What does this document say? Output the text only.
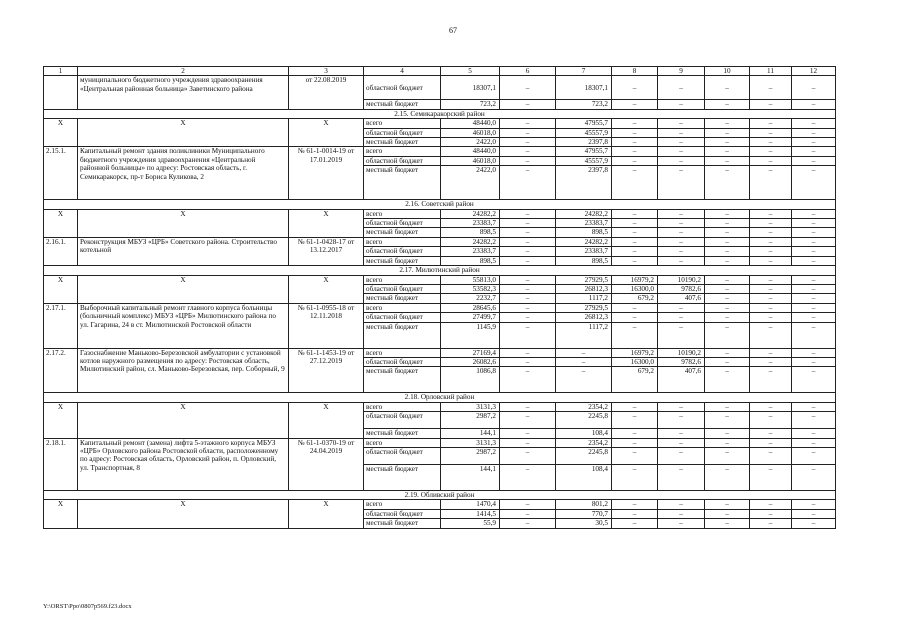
67
1	2	3	4	5	6	7	8	9	10	11	12
	муниципального бюджетного учреждения здравоохранения «Центральная районная больница» Заветинского района	от 22.08.2019	областной бюджет	18307,1	–	18307,1	–	–	–	–	–
			местный бюджет	723,2	–	723,2	–	–	–	–	–
2.15. Семикаракорский район											
Х	Х	Х	всего	48440,0	–	47955,7	–	–	–	–	–
			областной бюджет	46018,0	–	45557,9	–	–	–	–	–
			местный бюджет	2422,0	–	2397,8	–	–	–	–	–
2.15.1.	Капитальный ремонт здания поликлиники Муниципального бюджетного учреждения здравоохранения «Центральной районной больницы» по адресу: Ростовская область, г. Семикаракорск, пр-т Бориса Куликова, 2	№ 61-1-0014-19 от 17.01.2019	всего	48440,0	–	47955,7	–	–	–	–	–
			областной бюджет	46018,0	–	45557,9	–	–	–	–	–
			местный бюджет	2422,0	–	2397,8	–	–	–	–	–
2.16. Советский район											
Х	Х	Х	всего	24282,2	–	24282,2	–	–	–	–	–
			областной бюджет	23383,7	–	23383,7	–	–	–	–	–
			местный бюджет	898,5	–	898,5	–	–	–	–	–
2.16.1.	Реконструкция МБУЗ «ЦРБ» Советского района. Строительство котельной	№ 61-1-0428-17 от 13.12.2017	всего	24282,2	–	24282,2	–	–	–	–	–
			областной бюджет	23383,7	–	23383,7	–	–	–	–	–
			местный бюджет	898,5	–	898,5	–	–	–	–	–
2.17. Милютинский район											
Х	Х	Х	всего	55813,0	–	27929,5	16979,2	10190,2	–	–	–
			областной бюджет	53582,3	–	26812,3	16300,0	9782,6	–	–	–
			местный бюджет	2232,7	–	1117,2	679,2	407,6	–	–	–
2.17.1.	Выборочный капитальный ремонт главного корпуса больницы (больничный комплекс) МБУЗ «ЦРБ» Милютинского района по ул. Гагарина, 24 в ст. Милютинской Ростовской области	№ 61-1-0955-18 от 12.11.2018	всего	28645,6	–	27929,5	–	–	–	–	–
			областной бюджет	27499,7	–	26812,3	–	–	–	–	–
			местный бюджет	1145,9	–	1117,2	–	–	–	–	–
2.17.2.	Газоснабжение Маньково-Березовской амбулатории с установкой котлов наружного размещения по адресу: Ростовская область, Милютинский район, сл. Маньково-Березовская, пер. Соборный, 9	№ 61-1-1453-19 от 27.12.2019	всего	27169,4	–	–	16979,2	10190,2	–	–	–
			областной бюджет	26082,6	–	–	16300,0	9782,6	–	–	–
			местный бюджет	1086,8	–	–	679,2	407,6	–	–	–
2.18. Орловский район											
Х	Х	Х	всего	3131,3	–	2354,2	–	–	–	–	–
			областной бюджет	2987,2	–	2245,8	–	–	–	–	–
			местный бюджет	144,1	–	108,4	–	–	–	–	–
2.18.1.	Капитальный ремонт (замена) лифта 5-этажного корпуса МБУЗ «ЦРБ» Орловского района Ростовской области, расположенному по адресу: Ростовская область, Орловский район, п. Орловский, ул. Транспортная, 8	№ 61-1-0370-19 от 24.04.2019	всего	3131,3	–	2354,2	–	–	–	–	–
			областной бюджет	2987,2	–	2245,8	–	–	–	–	–
			местный бюджет	144,1	–	108,4	–	–	–	–	–
2.19. Обливский район											
Х	Х	Х	всего	1470,4	–	801,2	–	–	–	–	–
			областной бюджет	1414,5	–	770,7	–	–	–	–	–
			местный бюджет	55,9	–	30,5	–	–	–	–	–
Y:\ORST\Ppo\0807p569.f23.docx
